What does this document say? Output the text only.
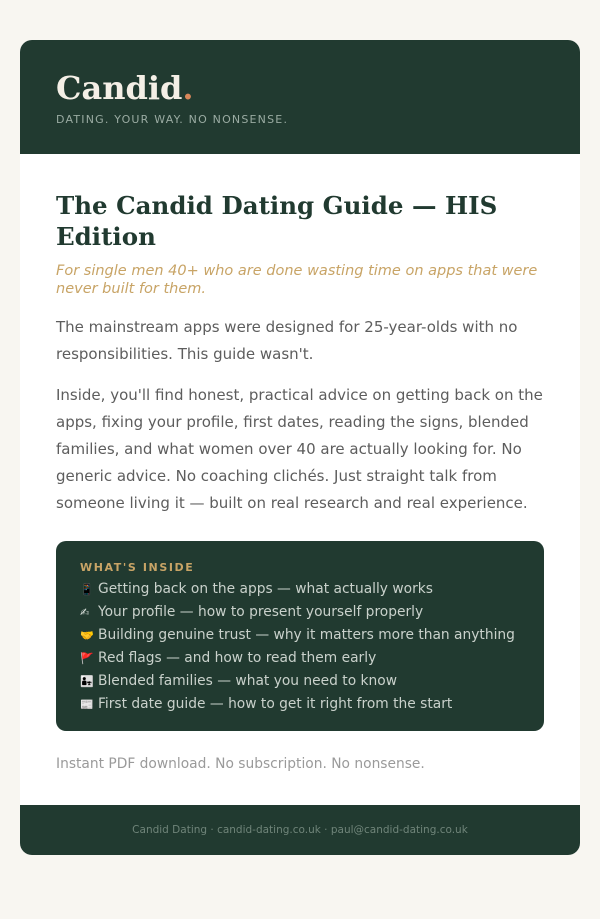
Candid.
DATING. YOUR WAY. NO NONSENSE.
The Candid Dating Guide — HIS Edition
For single men 40+ who are done wasting time on apps that were never built for them.
The mainstream apps were designed for 25-year-olds with no responsibilities. This guide wasn't.
Inside, you'll find honest, practical advice on getting back on the apps, fixing your profile, first dates, reading the signs, blended families, and what women over 40 are actually looking for. No generic advice. No coaching clichés. Just straight talk from someone living it — built on real research and real experience.
WHAT'S INSIDE
📱 Getting back on the apps — what actually works
✍ Your profile — how to present yourself properly
🤝 Building genuine trust — why it matters more than anything
🚩 Red flags — and how to read them early
👨‍👧 Blended families — what you need to know
📰 First date guide — how to get it right from the start
Instant PDF download. No subscription. No nonsense.
Candid Dating · candid-dating.co.uk · paul@candid-dating.co.uk
